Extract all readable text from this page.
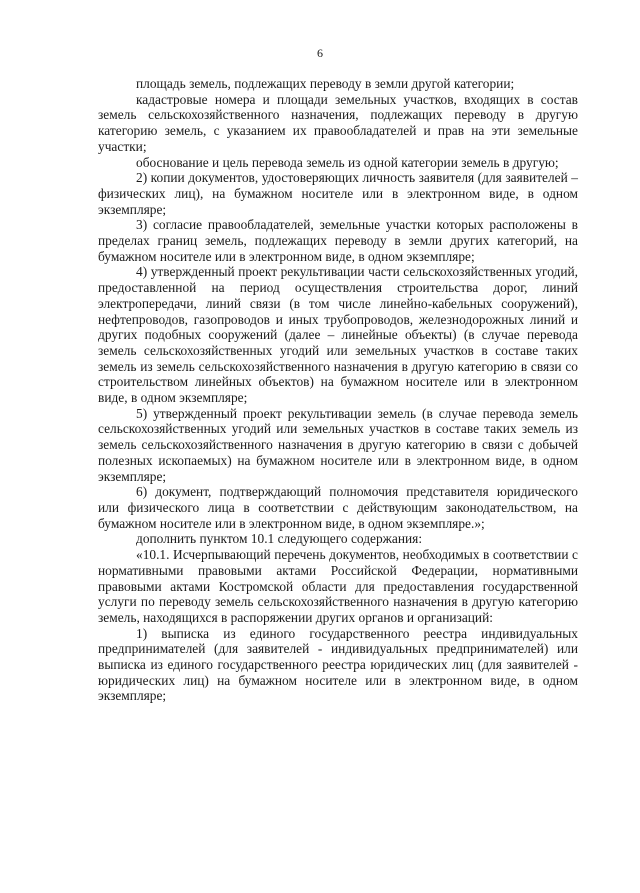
6

площадь земель, подлежащих переводу в земли другой категории;

кадастровые номера и площади земельных участков, входящих в состав земель сельскохозяйственного назначения, подлежащих переводу в другую категорию земель, с указанием их правообладателей и прав на эти земельные участки;

обоснование и цель перевода земель из одной категории земель в другую;

2) копии документов, удостоверяющих личность заявителя (для заявителей – физических лиц), на бумажном носителе или в электронном виде, в одном экземпляре;

3) согласие правообладателей, земельные участки которых расположены в пределах границ земель, подлежащих переводу в земли других категорий, на бумажном носителе или в электронном виде, в одном экземпляре;

4) утвержденный проект рекультивации части сельскохозяйственных угодий, предоставленной на период осуществления строительства дорог, линий электропередачи, линий связи (в том числе линейно-кабельных сооружений), нефтепроводов, газопроводов и иных трубопроводов, железнодорожных линий и других подобных сооружений (далее – линейные объекты) (в случае перевода земель сельскохозяйственных угодий или земельных участков в составе таких земель из земель сельскохозяйственного назначения в другую категорию в связи со строительством линейных объектов) на бумажном носителе или в электронном виде, в одном экземпляре;

5) утвержденный проект рекультивации земель (в случае перевода земель сельскохозяйственных угодий или земельных участков в составе таких земель из земель сельскохозяйственного назначения в другую категорию в связи с добычей полезных ископаемых) на бумажном носителе или в электронном виде, в одном экземпляре;

6) документ, подтверждающий полномочия представителя юридического или физического лица в соответствии с действующим законодательством, на бумажном носителе или в электронном виде, в одном экземпляре.»;

дополнить пунктом 10.1 следующего содержания:

«10.1. Исчерпывающий перечень документов, необходимых в соответствии с нормативными правовыми актами Российской Федерации, нормативными правовыми актами Костромской области для предоставления государственной услуги по переводу земель сельскохозяйственного назначения в другую категорию земель, находящихся в распоряжении других органов и организаций:

1) выписка из единого государственного реестра индивидуальных предпринимателей (для заявителей - индивидуальных предпринимателей) или выписка из единого государственного реестра юридических лиц (для заявителей - юридических лиц) на бумажном носителе или в электронном виде, в одном экземпляре;
